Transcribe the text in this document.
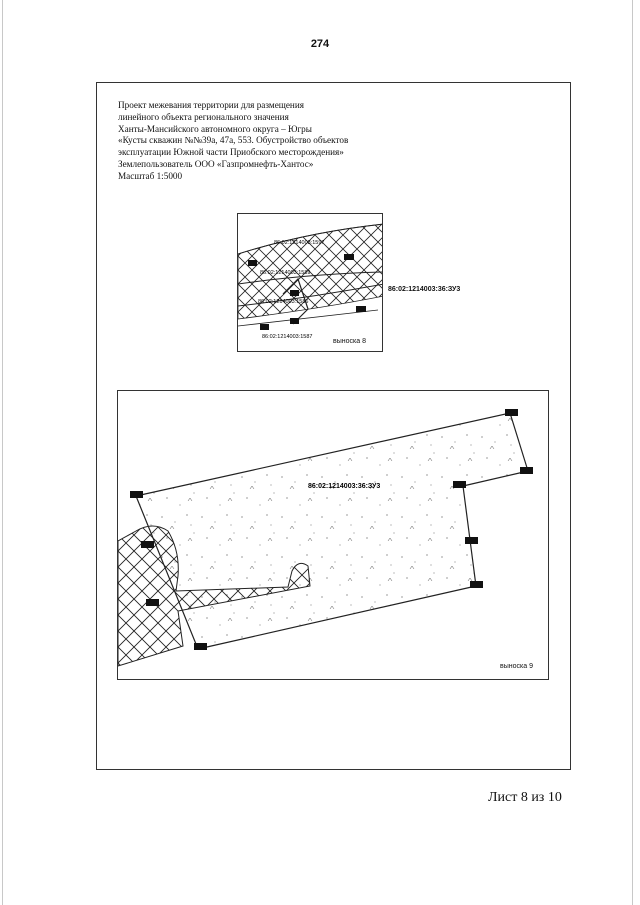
274
Проект межевания территории для размещения
линейного объекта регионального значения
Ханты-Мансийского автономного округа – Югры
«Кусты скважин №№39а, 47а, 553. Обустройство объектов
эксплуатации Южной части Приобского месторождения»
Землепользователь ООО «Газпромнефть-Хантос»
Масштаб 1:5000
86:02:1214003:1597
86:02:1214003:1589
86:02:1214003:1586
86:02:1214003:1587
выноска 8
86:02:1214003:36:ЗУ3
86:02:1214003:36:ЗУ3
выноска 9
Лист 8 из 10
